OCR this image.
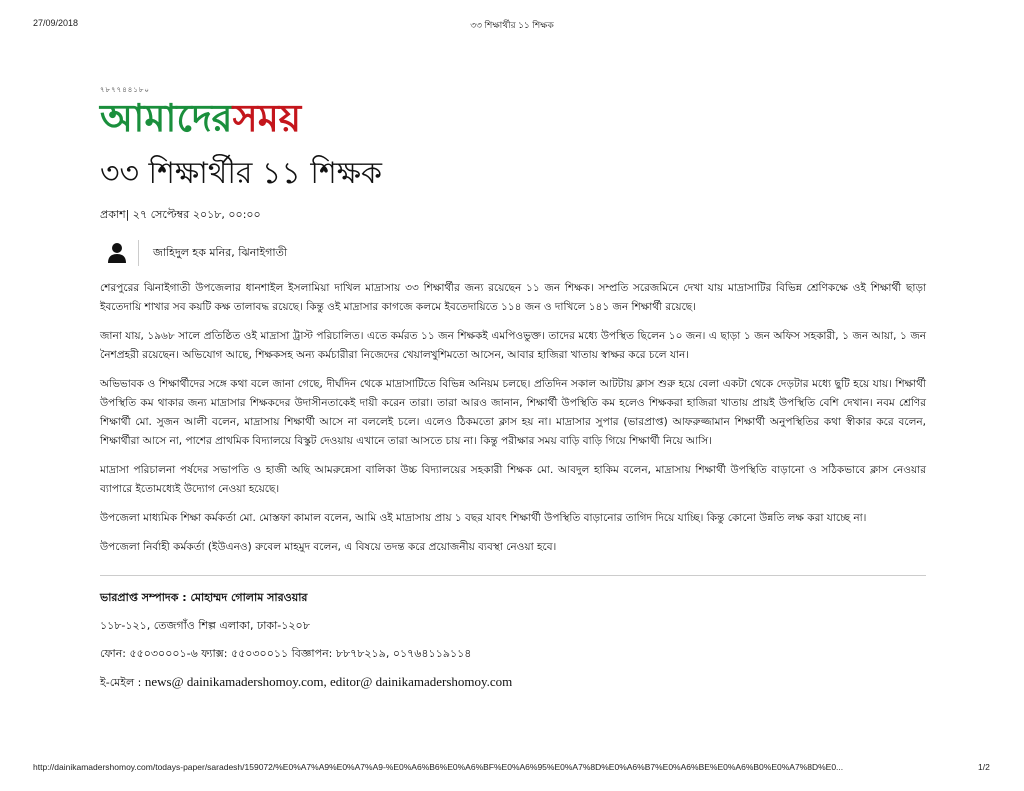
27/09/2018	৩৩ শিক্ষার্থীর ১১ শিক্ষক
৭৮৭৭৪৪১৮০
আমাদেরসময়
৩৩ শিক্ষার্থীর ১১ শিক্ষক
প্রকাশ| ২৭ সেপ্টেম্বর ২০১৮, ০০:০০
জাহিদুল হক মনির, ঝিনাইগাতী

শেরপুরের ঝিনাইগাতী উপজেলার ধানশাইল ইসলামিয়া দাখিল মাদ্রাসায় ৩৩ শিক্ষার্থীর জন্য রয়েছেন ১১ জন শিক্ষক। সম্প্রতি সরেজমিনে দেখা যায় মাদ্রাসাটির বিভিন্ন শ্রেণিকক্ষে ওই শিক্ষার্থী ছাড়া ইবতেদায়ি শাখার সব কয়টি কক্ষ তালাবদ্ধ রয়েছে। কিন্তু ওই মাদ্রাসার কাগজে কলমে ইবতেদায়িতে ১১৪ জন ও দাখিলে ১৪১ জন শিক্ষার্থী রয়েছে।

জানা যায়, ১৯৬৮ সালে প্রতিষ্ঠিত ওই মাদ্রাসা ট্রাস্ট পরিচালিত। এতে কর্মরত ১১ জন শিক্ষকই এমপিওভুক্ত। তাদের মধ্যে উপস্থিত ছিলেন ১০ জন। এ ছাড়া ১ জন অফিস সহকারী, ১ জন আয়া, ১ জন নৈশপ্রহরী রয়েছেন। অভিযোগ আছে, শিক্ষকসহ অন্য কর্মচারীরা নিজেদের খেয়ালখুশিমতো আসেন, আবার হাজিরা খাতায় স্বাক্ষর করে চলে যান।

অভিভাবক ও শিক্ষার্থীদের সঙ্গে কথা বলে জানা গেছে, দীর্ঘদিন থেকে মাদ্রাসাটিতে বিভিন্ন অনিয়ম চলছে। প্রতিদিন সকাল আটটায় ক্লাস শুরু হয়ে বেলা একটা থেকে দেড়টার মধ্যে ছুটি হয়ে যায়। শিক্ষার্থী উপস্থিতি কম থাকার জন্য মাদ্রাসার শিক্ষকদের উদাসীনতাকেই দায়ী করেন তারা। তারা আরও জানান, শিক্ষার্থী উপস্থিতি কম হলেও শিক্ষকরা হাজিরা খাতায় প্রায়ই উপস্থিতি বেশি দেখান। নবম শ্রেণির শিক্ষার্থী মো. সুজন আলী বলেন, মাদ্রাসায় শিক্ষার্থী আসে না বললেই চলে। এলেও ঠিকমতো ক্লাস হয় না। মাদ্রাসার সুপার (ভারপ্রাপ্ত) আফরুজ্জামান শিক্ষার্থী অনুপস্থিতির কথা স্বীকার করে বলেন, শিক্ষার্থীরা আসে না, পাশের প্রাথমিক বিদ্যালয়ে বিস্কুট দেওয়ায় এখানে তারা আসতে চায় না। কিন্তু পরীক্ষার সময় বাড়ি বাড়ি গিয়ে শিক্ষার্থী নিয়ে আসি।

মাদ্রাসা পরিচালনা পর্ষদের সভাপতি ও হাজী অছি আমরুন্নেসা বালিকা উচ্চ বিদ্যালয়ের সহকারী শিক্ষক মো. আবদুল হাকিম বলেন, মাদ্রাসায় শিক্ষার্থী উপস্থিতি বাড়ানো ও সঠিকভাবে ক্লাস নেওয়ার ব্যাপারে ইতোমধ্যেই উদ্যোগ নেওয়া হয়েছে।

উপজেলা মাধ্যমিক শিক্ষা কর্মকর্তা মো. মোস্তফা কামাল বলেন, আমি ওই মাদ্রাসায় প্রায় ১ বছর যাবৎ শিক্ষার্থী উপস্থিতি বাড়ানোর তাগিদ দিয়ে যাচ্ছি। কিন্তু কোনো উন্নতি লক্ষ করা যাচ্ছে না।

উপজেলা নির্বাহী কর্মকর্তা (ইউএনও) রুবেল মাহমুদ বলেন, এ বিষয়ে তদন্ত করে প্রয়োজনীয় ব্যবস্থা নেওয়া হবে।

ভারপ্রাপ্ত সম্পাদক : মোহাম্মদ গোলাম সারওয়ার
১১৮-১২১, তেজগাঁও শিল্প এলাকা, ঢাকা-১২০৮
ফোন: ৫৫০৩০০০১-৬ ফ্যাক্স: ৫৫০৩০০১১ বিজ্ঞাপন: ৮৮৭৮২১৯, ০১৭৬৪১১৯১১৪
ই-মেইল : news@ dainikamadershomoy.com, editor@ dainikamadershomoy.com
http://dainikamadershomoy.com/todays-paper/saradesh/159072/%E0%A7%A9%E0%A7%A9-%E0%A6%B6%E0%A6%BF%E0%A6%95%E0%A7%8D%E0%A6%B7%E0%A6%BE%E0%A6%B0%E0%A7%8D%E0...	1/2
